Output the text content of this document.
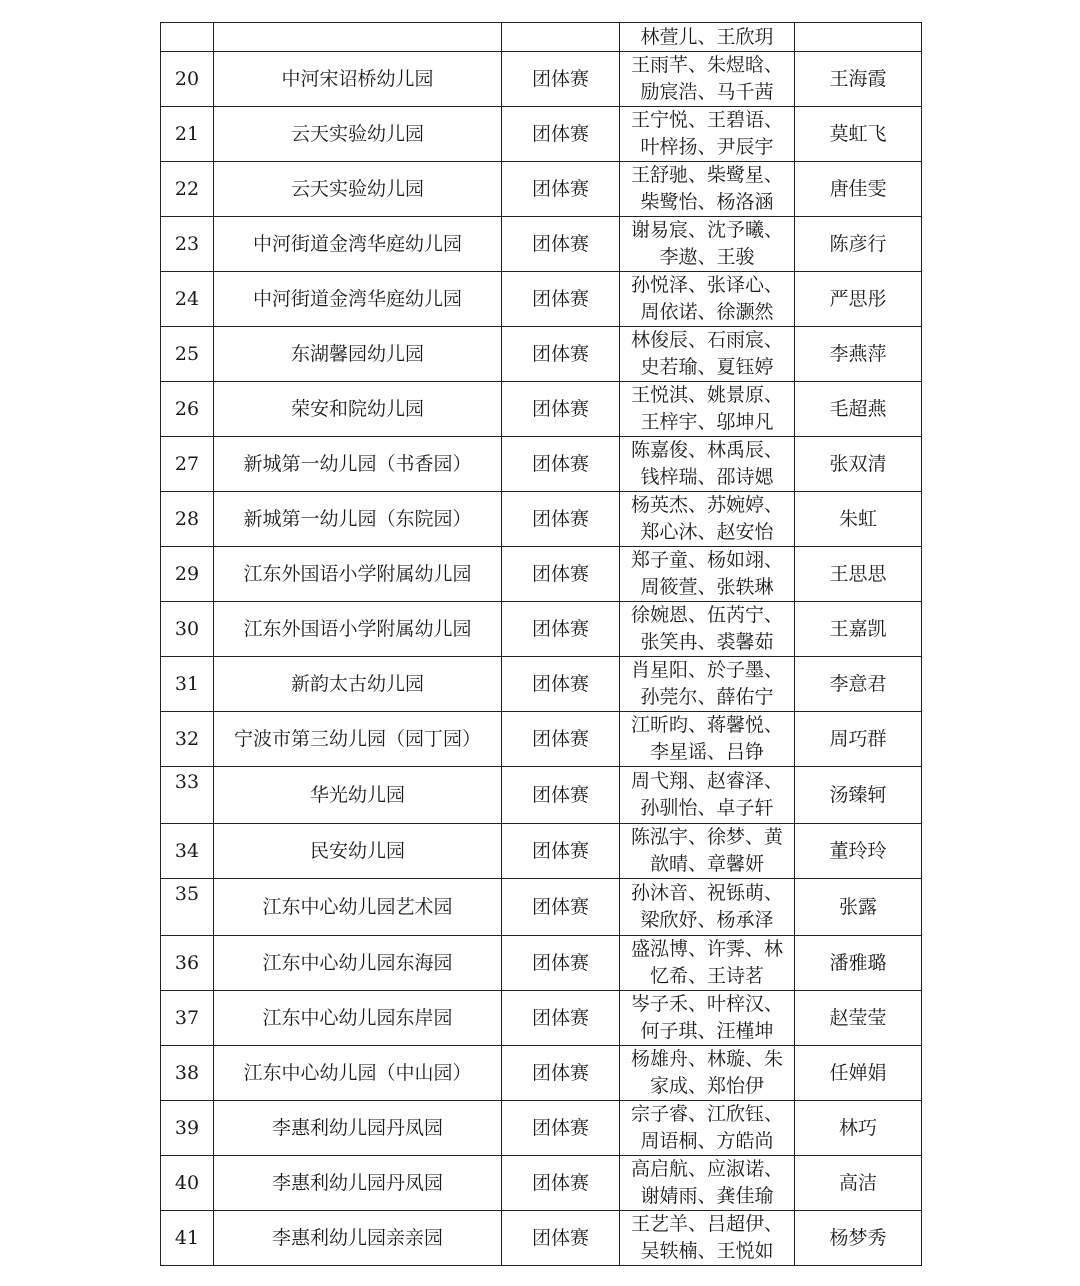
			林萱儿、王欣玥	

20	中河宋诏桥幼儿园	团体赛	王雨芊、朱煜晗、
励宸浩、马千茜	王海霞
21	云天实验幼儿园	团体赛	王宁悦、王碧语、
叶梓扬、尹辰宇	莫虹飞
22	云天实验幼儿园	团体赛	王舒驰、柴鹭星、
柴鹭怡、杨洛涵	唐佳雯
23	中河街道金湾华庭幼儿园	团体赛	谢易宸、沈予曦、
李遨、王骏	陈彦行
24	中河街道金湾华庭幼儿园	团体赛	孙悦泽、张译心、
周依诺、徐灏然	严思彤
25	东湖馨园幼儿园	团体赛	林俊辰、石雨宸、
史若瑜、夏钰婷	李燕萍
26	荣安和院幼儿园	团体赛	王悦淇、姚景原、
王梓宇、邬坤凡	毛超燕
27	新城第一幼儿园（书香园）	团体赛	陈嘉俊、林禹辰、
钱梓瑞、邵诗媤	张双清
28	新城第一幼儿园（东院园）	团体赛	杨英杰、苏婉婷、
郑心沐、赵安怡	朱虹
29	江东外国语小学附属幼儿园	团体赛	郑子童、杨如翊、
周筱萱、张轶琳	王思思
30	江东外国语小学附属幼儿园	团体赛	徐婉恩、伍芮宁、
张笑冉、裘馨茹	王嘉凯
31	新韵太古幼儿园	团体赛	肖星阳、於子墨、
孙莞尔、薛佑宁	李意君
32	宁波市第三幼儿园（园丁园）	团体赛	江昕昀、蒋馨悦、
李星谣、吕铮	周巧群
33	华光幼儿园	团体赛	周弋翔、赵睿泽、
孙驯怡、卓子轩	汤臻轲
34	民安幼儿园	团体赛	陈泓宇、徐梦、黄
歆晴、章馨妍	董玲玲
35	江东中心幼儿园艺术园	团体赛	孙沐音、祝铄萌、
梁欣妤、杨承泽	张露
36	江东中心幼儿园东海园	团体赛	盛泓博、许霁、林
忆希、王诗茗	潘雅璐
37	江东中心幼儿园东岸园	团体赛	岑子禾、叶梓汉、
何子琪、汪槿坤	赵莹莹
38	江东中心幼儿园（中山园）	团体赛	杨雄舟、林璇、朱
家成、郑怡伊	任婵娟
39	李惠利幼儿园丹凤园	团体赛	宗子睿、江欣钰、
周语桐、方皓尚	林巧
40	李惠利幼儿园丹凤园	团体赛	高启航、应淑诺、
谢婧雨、龚佳瑜	高洁
41	李惠利幼儿园亲亲园	团体赛	王艺羊、吕超伊、
吴轶楠、王悦如	杨梦秀
